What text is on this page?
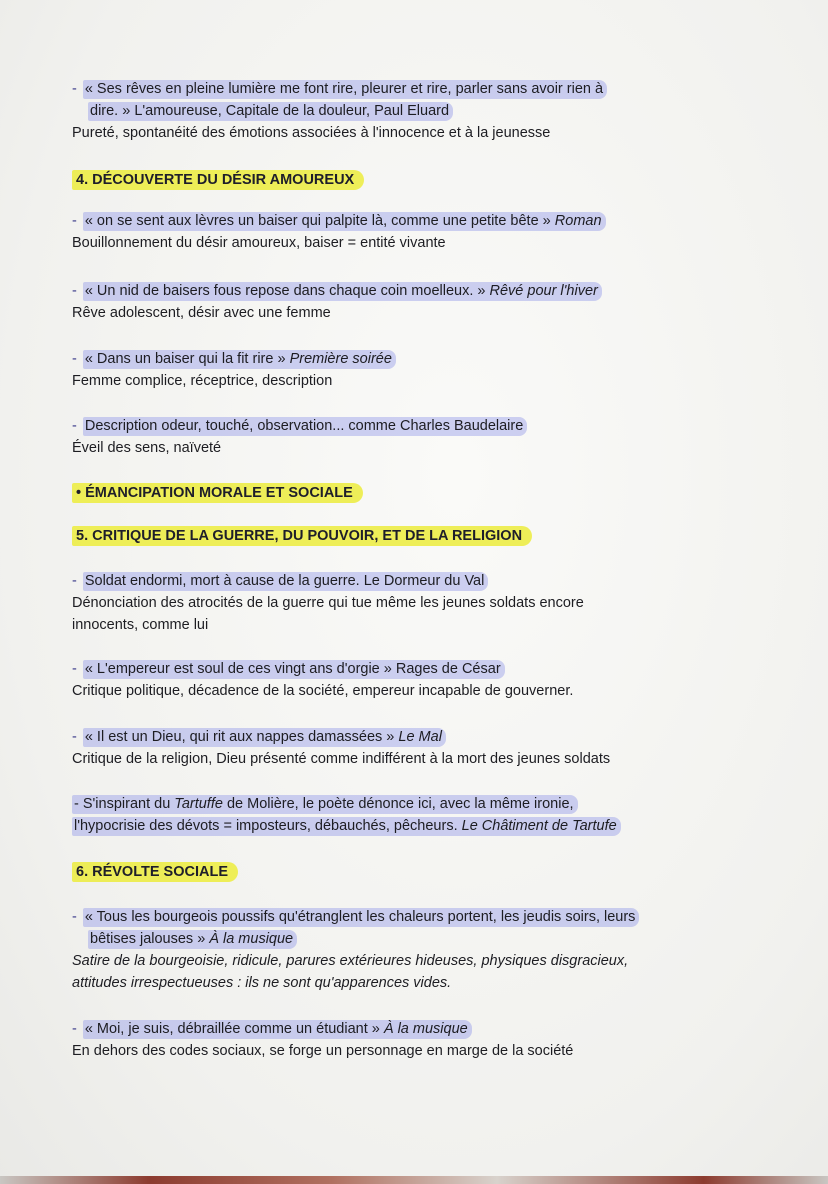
- « Ses rêves en pleine lumière me font rire, pleurer et rire, parler sans avoir rien à
dire. » L'amoureuse, Capitale de la douleur, Paul Eluard
Pureté, spontanéité des émotions associées à l'innocence et à la jeunesse
4. DÉCOUVERTE DU DÉSIR AMOUREUX
- « on se sent aux lèvres un baiser qui palpite là, comme une petite bête » Roman
Bouillonnement du désir amoureux, baiser = entité vivante
- « Un nid de baisers fous repose dans chaque coin moelleux. » Rêvé pour l'hiver
Rêve adolescent, désir avec une femme
- « Dans un baiser qui la fit rire » Première soirée
Femme complice, réceptrice, description
- Description odeur, touché, observation... comme Charles Baudelaire
Éveil des sens, naïveté
• ÉMANCIPATION MORALE ET SOCIALE
5. CRITIQUE DE LA GUERRE, DU POUVOIR, ET DE LA RELIGION
- Soldat endormi, mort à cause de la guerre. Le Dormeur du Val
Dénonciation des atrocités de la guerre qui tue même les jeunes soldats encore
innocents, comme lui
- « L'empereur est soul de ces vingt ans d'orgie » Rages de César
Critique politique, décadence de la société, empereur incapable de gouverner.
- « Il est un Dieu, qui rit aux nappes damassées » Le Mal
Critique de la religion, Dieu présenté comme indifférent à la mort des jeunes soldats
- S'inspirant du Tartuffe de Molière, le poète dénonce ici, avec la même ironie,
l'hypocrisie des dévots = imposteurs, débauchés, pêcheurs. Le Châtiment de Tartufe
6. RÉVOLTE SOCIALE
- « Tous les bourgeois poussifs qu'étranglent les chaleurs portent, les jeudis soirs, leurs
bêtises jalouses » À la musique
Satire de la bourgeoisie, ridicule, parures extérieures hideuses, physiques disgracieux,
attitudes irrespectueuses : ils ne sont qu'apparences vides.
- « Moi, je suis, débraillée comme un étudiant » À la musique
En dehors des codes sociaux, se forge un personnage en marge de la société
